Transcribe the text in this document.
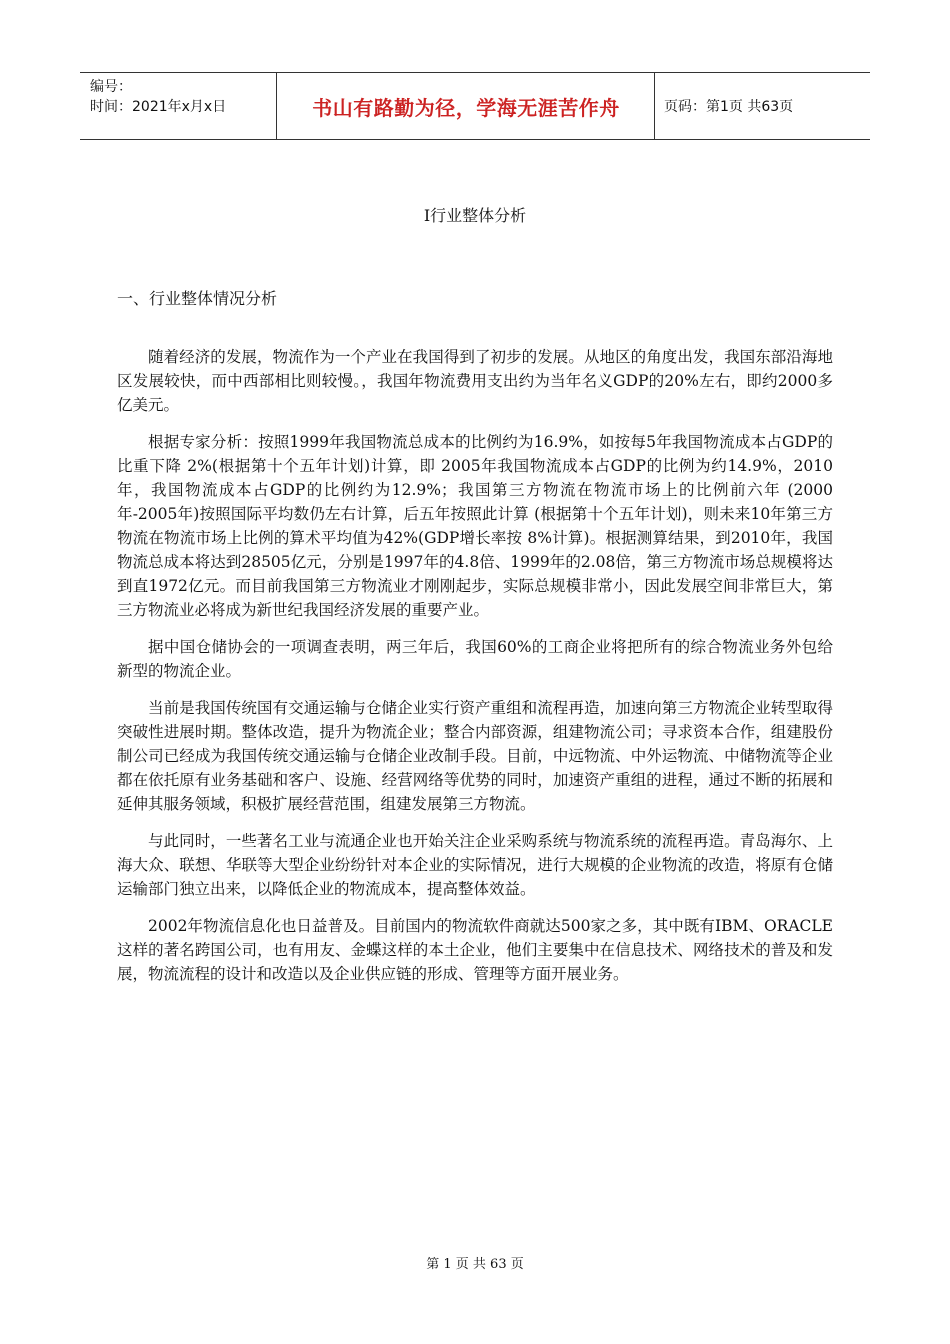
编号：
时间：2021年x月x日	书山有路勤为径，学海无涯苦作舟	页码：第1页 共63页
I行业整体分析
一、行业整体情况分析

随着经济的发展，物流作为一个产业在我国得到了初步的发展。从地区的角度出发，我国东部沿海地区发展较快，而中西部相比则较慢。，我国年物流费用支出约为当年名义GDP的20%左右，即约2000多亿美元。

根据专家分析：按照1999年我国物流总成本的比例约为16.9%，如按每5年我国物流成本占GDP的比重下降 2%(根据第十个五年计划)计算，即 2005年我国物流成本占GDP的比例为约14.9%，2010年，我国物流成本占GDP的比例约为12.9%；我国第三方物流在物流市场上的比例前六年 (2000年-2005年)按照国际平均数仍左右计算，后五年按照此计算 (根据第十个五年计划)，则未来10年第三方物流在物流市场上比例的算术平均值为42%(GDP增长率按 8%计算)。根据测算结果，到2010年，我国物流总成本将达到28505亿元，分别是1997年的4.8倍、1999年的2.08倍，第三方物流市场总规模将达到直1972亿元。而目前我国第三方物流业才刚刚起步，实际总规模非常小，因此发展空间非常巨大，第三方物流业必将成为新世纪我国经济发展的重要产业。

据中国仓储协会的一项调查表明，两三年后，我国60%的工商企业将把所有的综合物流业务外包给新型的物流企业。

当前是我国传统国有交通运输与仓储企业实行资产重组和流程再造，加速向第三方物流企业转型取得突破性进展时期。整体改造，提升为物流企业；整合内部资源，组建物流公司；寻求资本合作，组建股份制公司已经成为我国传统交通运输与仓储企业改制手段。目前，中远物流、中外运物流、中储物流等企业都在依托原有业务基础和客户、设施、经营网络等优势的同时，加速资产重组的进程，通过不断的拓展和延伸其服务领域，积极扩展经营范围，组建发展第三方物流。

与此同时，一些著名工业与流通企业也开始关注企业采购系统与物流系统的流程再造。青岛海尔、上海大众、联想、华联等大型企业纷纷针对本企业的实际情况，进行大规模的企业物流的改造，将原有仓储运输部门独立出来，以降低企业的物流成本，提高整体效益。

2002年物流信息化也日益普及。目前国内的物流软件商就达500家之多，其中既有IBM、ORACLE这样的著名跨国公司，也有用友、金蝶这样的本土企业，他们主要集中在信息技术、网络技术的普及和发展，物流流程的设计和改造以及企业供应链的形成、管理等方面开展业务。

第 1 页 共 63 页
